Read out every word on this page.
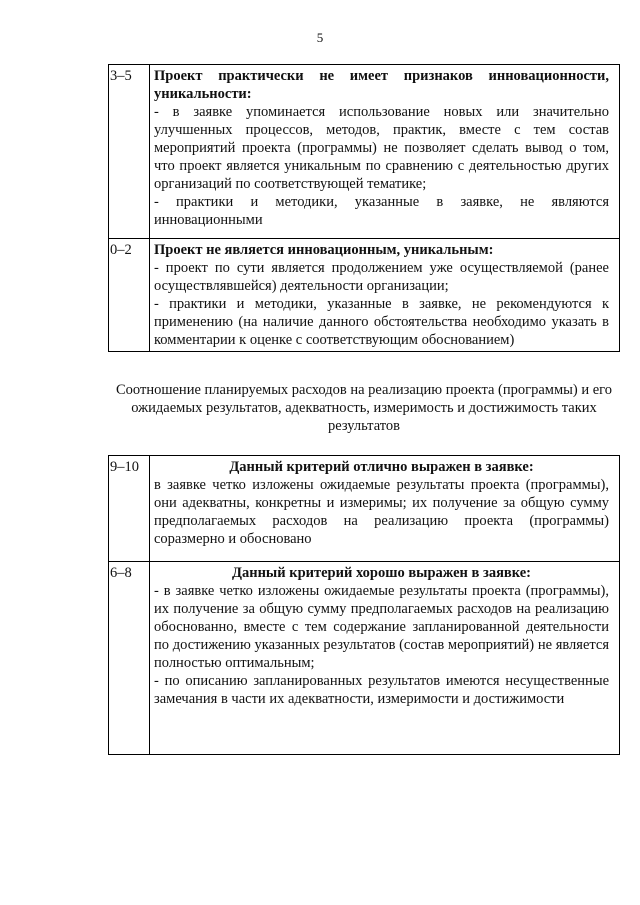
5
3–5	Проект практически не имеет признаков инновационности, уникальности:
- в заявке упоминается использование новых или значительно улучшенных процессов, методов, практик, вместе с тем состав мероприятий проекта (программы) не позволяет сделать вывод о том, что проект является уникальным по сравнению с деятельностью других организаций по соответствующей тематике;
- практики и методики, указанные в заявке, не являются инновационными

0–2	Проект не является инновационным, уникальным:
- проект по сути является продолжением уже осуществляемой (ранее осуществлявшейся) деятельности организации;
- практики и методики, указанные в заявке, не рекомендуются к применению (на наличие данного обстоятельства необходимо указать в комментарии к оценке с соответствующим обоснованием)
Соотношение планируемых расходов на реализацию проекта (программы) и его ожидаемых результатов, адекватность, измеримость и достижимость таких результатов
9–10	Данный критерий отлично выражен в заявке:
в заявке четко изложены ожидаемые результаты проекта (программы), они адекватны, конкретны и измеримы; их получение за общую сумму предполагаемых расходов на реализацию проекта (программы) соразмерно и обосновано

6–8	Данный критерий хорошо выражен в заявке:
- в заявке четко изложены ожидаемые результаты проекта (программы), их получение за общую сумму предполагаемых расходов на реализацию обоснованно, вместе с тем содержание запланированной деятельности по достижению указанных результатов (состав мероприятий) не является полностью оптимальным;
- по описанию запланированных результатов имеются несущественные замечания в части их адекватности, измеримости и достижимости
